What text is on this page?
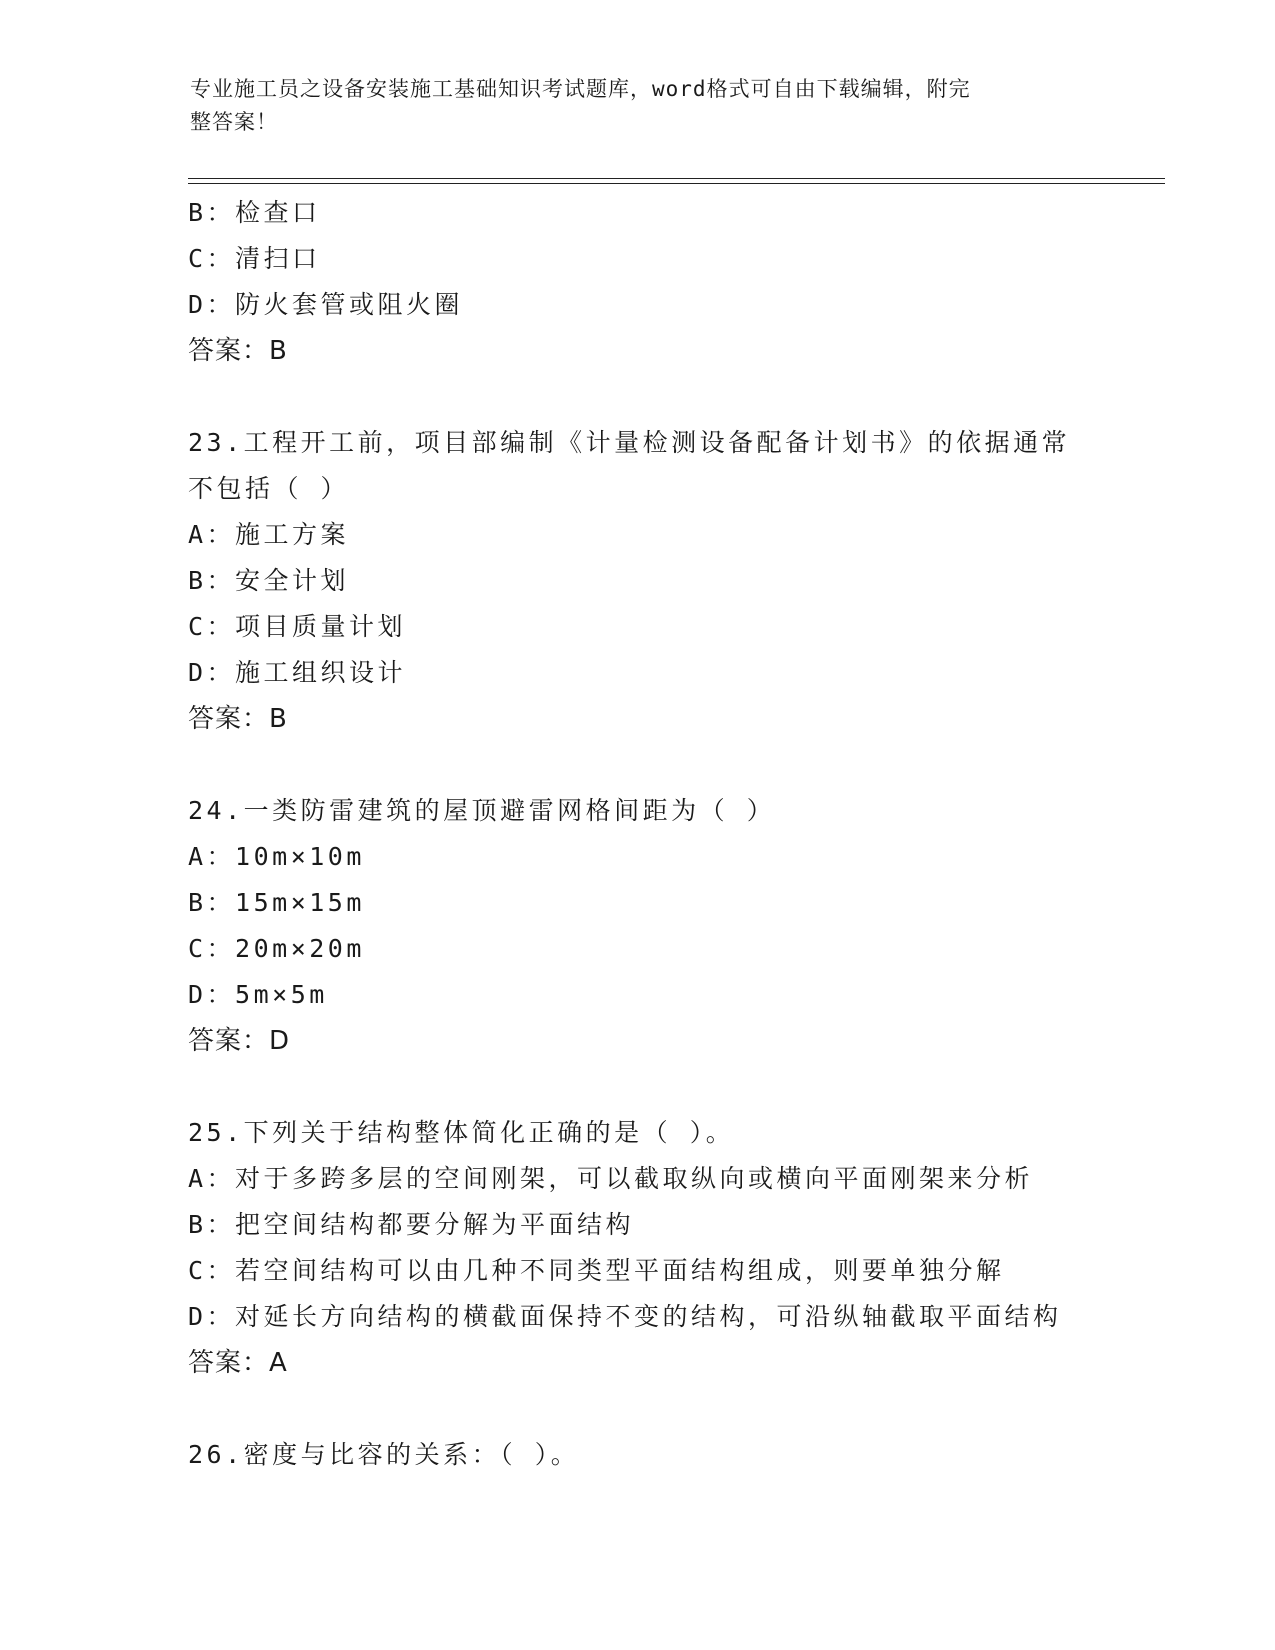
专业施工员之设备安装施工基础知识考试题库，word格式可自由下载编辑，附完
整答案！
B：检查口
C：清扫口
D：防火套管或阻火圈
答案：B
23.工程开工前，项目部编制《计量检测设备配备计划书》的依据通常
不包括（ ）
A：施工方案
B：安全计划
C：项目质量计划
D：施工组织设计
答案：B
24.一类防雷建筑的屋顶避雷网格间距为（ ）
A：10m×10m
B：15m×15m
C：20m×20m
D：5m×5m
答案：D
25.下列关于结构整体简化正确的是（ ）。
A：对于多跨多层的空间刚架，可以截取纵向或横向平面刚架来分析
B：把空间结构都要分解为平面结构
C：若空间结构可以由几种不同类型平面结构组成，则要单独分解
D：对延长方向结构的横截面保持不变的结构，可沿纵轴截取平面结构
答案：A
26.密度与比容的关系：（ ）。
